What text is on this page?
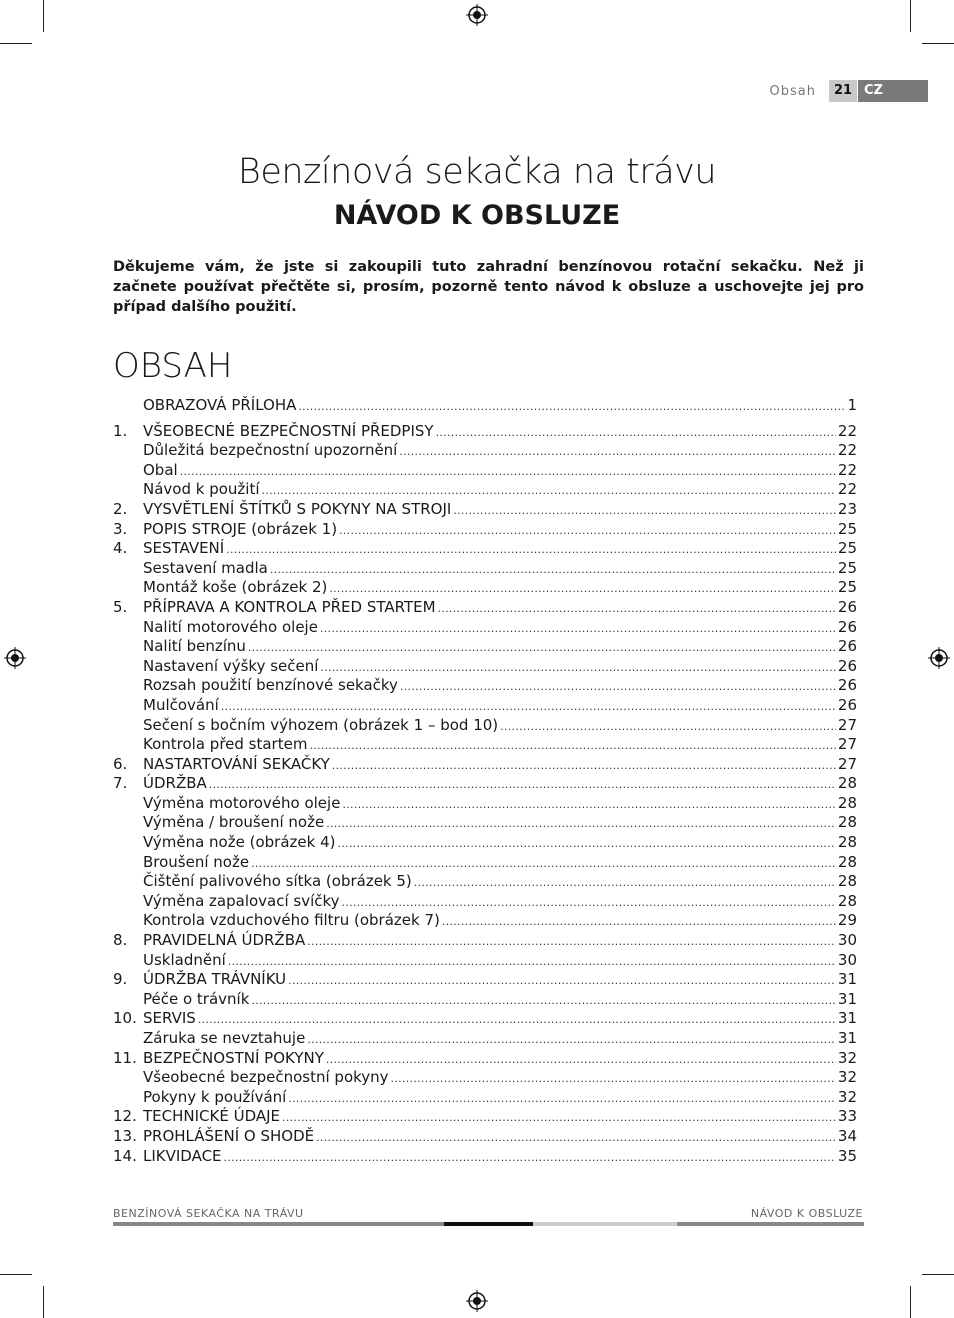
Obsah	21 CZ
Benzínová sekačka na trávu
NÁVOD K OBSLUZE
Děkujeme vám, že jste si zakoupili tuto zahradní benzínovou rotační sekačku. Než ji začnete používat přečtěte si, prosím, pozorně tento návod k obsluze a uschovejte jej pro případ dalšího použití.
OBSAH
OBRAZOVÁ PŘÍLOHA .....	1
1.	VŠEOBECNÉ BEZPEČNOSTNÍ PŘEDPISY .....	22
Důležitá bezpečnostní upozornění .....	22
Obal .....	22
Návod k použití .....	22
2.	VYSVĚTLENÍ ŠTÍTKŮ S POKYNY NA STROJI .....	23
3.	POPIS STROJE (obrázek 1) .....	25
4.	SESTAVENÍ .....	25
Sestavení madla .....	25
Montáž koše (obrázek 2) .....	25
5.	PŘÍPRAVA A KONTROLA PŘED STARTEM .....	26
Nalití motorového oleje .....	26
Nalití benzínu .....	26
Nastavení výšky sečení .....	26
Rozsah použití benzínové sekačky .....	26
Mulčování .....	26
Sečení s bočním výhozem (obrázek 1 – bod 10) .....	27
Kontrola před startem .....	27
6.	NASTARTOVÁNÍ SEKAČKY .....	27
7.	ÚDRŽBA .....	28
Výměna motorového oleje .....	28
Výměna / broušení nože .....	28
Výměna nože (obrázek 4) .....	28
Broušení nože .....	28
Čištění palivového sítka (obrázek 5) .....	28
Výměna zapalovací svíčky .....	28
Kontrola vzduchového filtru (obrázek 7) .....	29
8.	PRAVIDELNÁ ÚDRŽBA .....	30
Uskladnění .....	30
9.	ÚDRŽBA TRÁVNÍKU .....	31
Péče o trávník .....	31
10. SERVIS .....	31
Záruka se nevztahuje .....	31
11. BEZPEČNOSTNÍ POKYNY .....	32
Všeobecné bezpečnostní pokyny .....	32
Pokyny k používání .....	32
12. TECHNICKÉ ÚDAJE .....	33
13. PROHLÁŠENÍ O SHODĚ .....	34
14. LIKVIDACE .....	35
BENZÍNOVÁ SEKAČKA NA TRÁVU	NÁVOD K OBSLUZE
